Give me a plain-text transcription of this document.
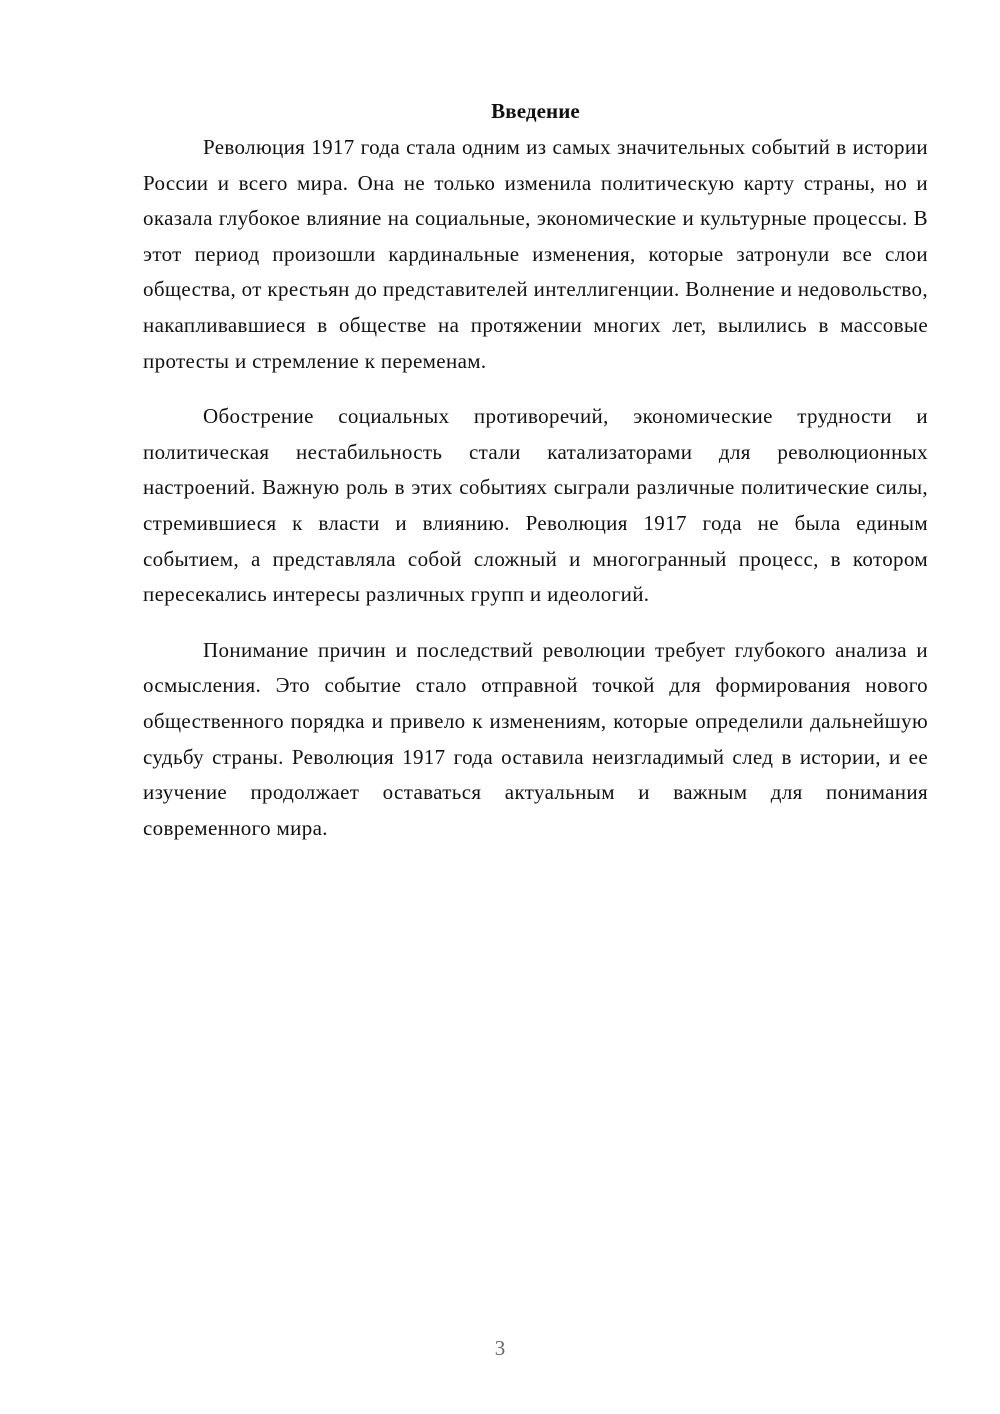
Введение

Революция 1917 года стала одним из самых значительных событий в истории России и всего мира. Она не только изменила политическую карту страны, но и оказала глубокое влияние на социальные, экономические и культурные процессы. В этот период произошли кардинальные изменения, которые затронули все слои общества, от крестьян до представителей интеллигенции. Волнение и недовольство, накапливавшиеся в обществе на протяжении многих лет, вылились в массовые протесты и стремление к переменам.

Обострение социальных противоречий, экономические трудности и политическая нестабильность стали катализаторами для революционных настроений. Важную роль в этих событиях сыграли различные политические силы, стремившиеся к власти и влиянию. Революция 1917 года не была единым событием, а представляла собой сложный и многогранный процесс, в котором пересекались интересы различных групп и идеологий.

Понимание причин и последствий революции требует глубокого анализа и осмысления. Это событие стало отправной точкой для формирования нового общественного порядка и привело к изменениям, которые определили дальнейшую судьбу страны. Революция 1917 года оставила неизгладимый след в истории, и ее изучение продолжает оставаться актуальным и важным для понимания современного мира.

3
